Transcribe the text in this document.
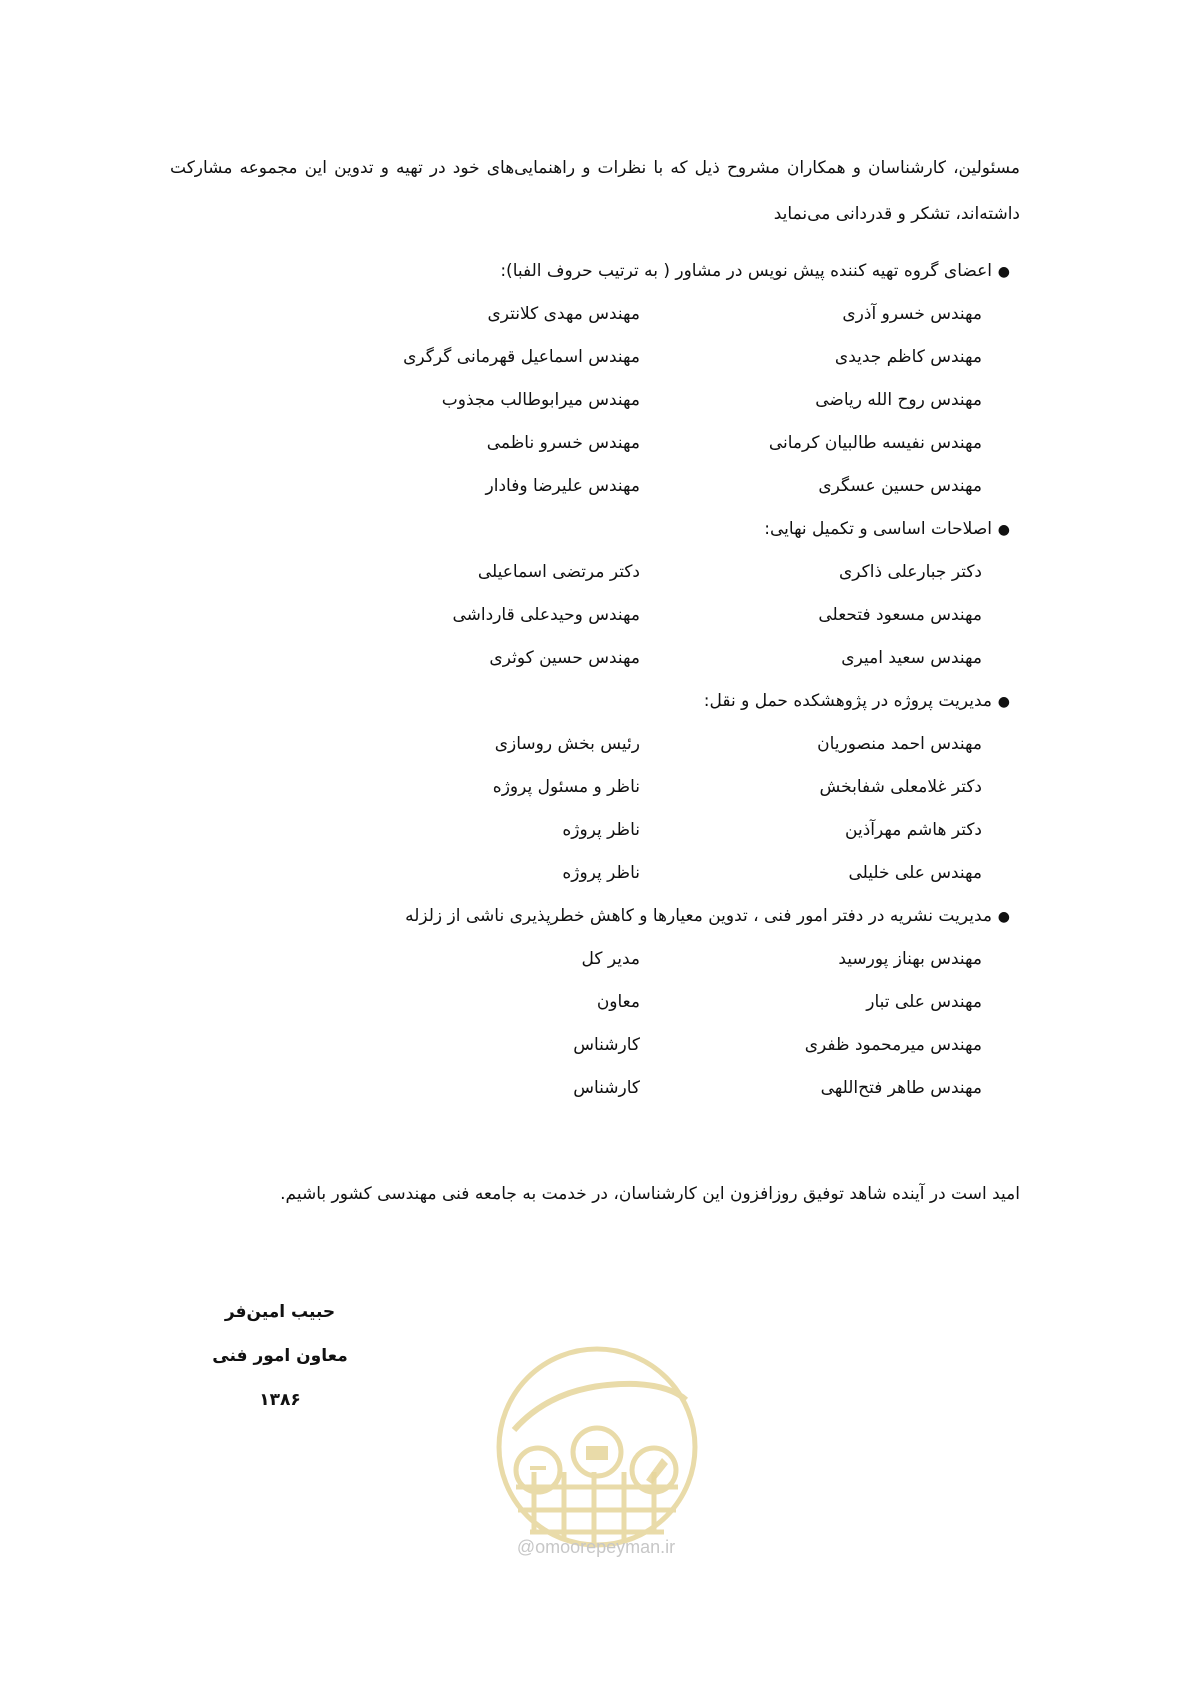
مسئولین، کارشناسان و همکاران مشروح ذیل که با نظرات و راهنمایی‌های خود در تهیه و تدوین این مجموعه مشارکت داشته‌اند، تشکر و قدردانی می‌نماید

●اعضای گروه تهیه کننده پیش نویس در مشاور ( به ترتیب حروف الفبا):
مهندس خسرو آذری
مهندس مهدی کلانتری
مهندس کاظم جدیدی
مهندس اسماعیل قهرمانی گرگری
مهندس روح الله ریاضی
مهندس میرابوطالب مجذوب
مهندس نفیسه طالبیان کرمانی
مهندس خسرو ناظمی
مهندس حسین عسگری
مهندس علیرضا وفادار
●اصلاحات اساسی و تکمیل نهایی:
دکتر جبارعلی ذاکری
دکتر مرتضی اسماعیلی
مهندس مسعود فتحعلی
مهندس وحیدعلی قارداشی
مهندس سعید امیری
مهندس حسین کوثری
●مدیریت پروژه در پژوهشکده حمل و نقل:
مهندس احمد منصوریان
رئیس بخش روسازی
دکتر غلامعلی شفابخش
ناظر و مسئول پروژه
دکتر هاشم مهرآذین
ناظر پروژه
مهندس علی خلیلی
ناظر پروژه
●مدیریت نشریه در دفتر امور فنی ، تدوین معیارها و کاهش خطرپذیری ناشی از زلزله
مهندس بهناز پورسید
مدیر کل
مهندس علی تبار
معاون
مهندس میرمحمود ظفری
کارشناس
مهندس طاهر فتح‌اللهی
کارشناس

امید است در آینده شاهد توفیق روزافزون این کارشناسان، در خدمت به جامعه فنی مهندسی کشور باشیم.

حبیب امین‌فر
معاون امور فنی
۱۳۸۶
@omoorepeyman.ir
